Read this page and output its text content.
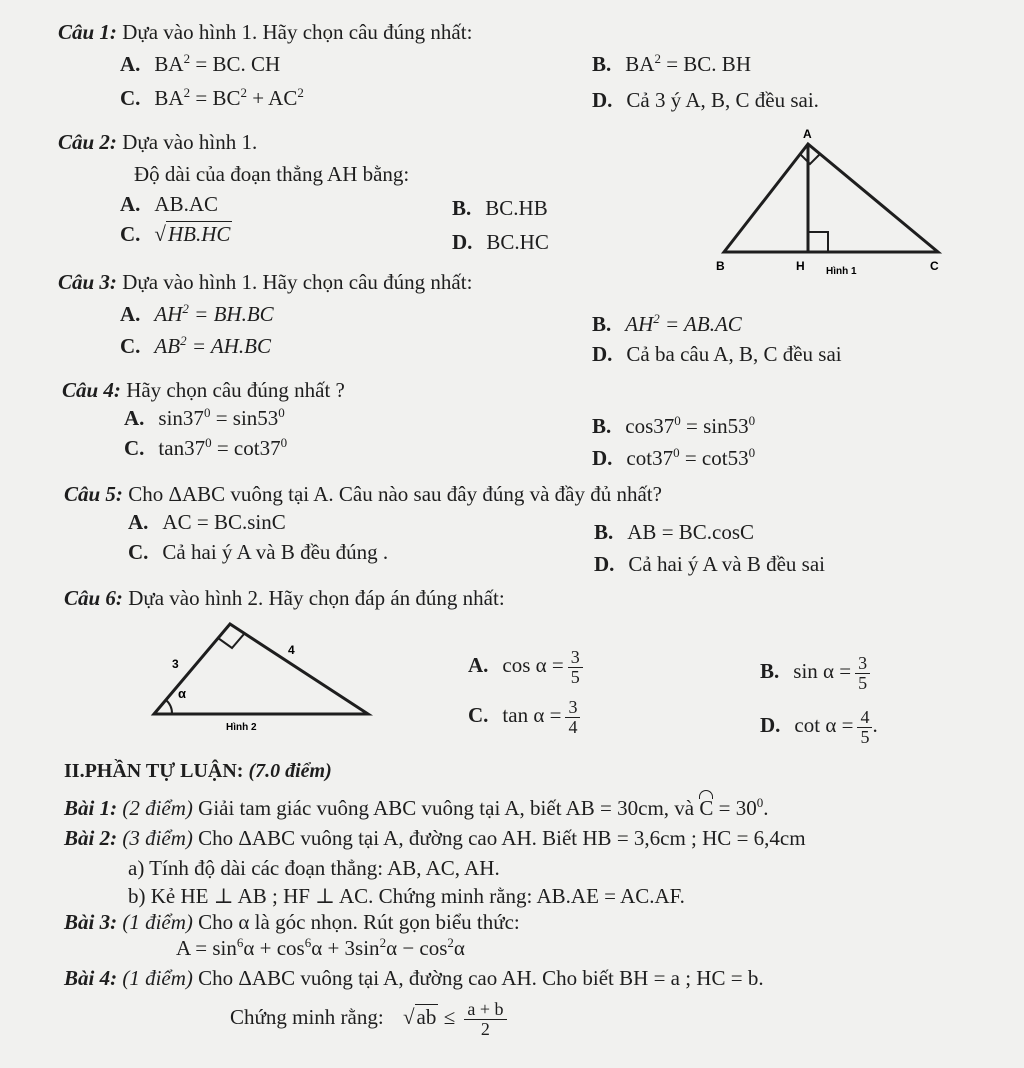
Câu 1: Dựa vào hình 1. Hãy chọn câu đúng nhất:
A. $BA^2$ = BC. CH	B. $BA^2$ = BC. BH
C. $BA^2 = BC^2 + AC^2$	D. Cả 3 ý A, B, C đều sai.
Câu 2: Dựa vào hình 1.
Độ dài của đoạn thẳng AH bằng:
A. AB.AC	B. BC.HB
C. √HB.HC	D. BC.HC
A
B	H	C
Hình 1
Câu 3: Dựa vào hình 1. Hãy chọn câu đúng nhất:
A. $AH^2 = BH.BC$	B. $AH^2 = AB.AC$
C. $AB^2 = AH.BC$	D. Cả ba câu A, B, C đều sai
Câu 4: Hãy chọn câu đúng nhất ?
A. $\sin 37^0 = \sin 53^0$
B. $\cos 37^0 = \sin 53^0$
C. $\tan 37^0 = \cot 37^0$
D. $\cot 37^0 = \cot 53^0$
Câu 5: Cho ΔABC vuông tại A. Câu nào sau đây đúng và đầy đủ nhất?
A. AC = BC.sinC	B. AB = BC.cosC
C. Cả hai ý A và B đều đúng .	D. Cả hai ý A và B đều sai
Câu 6: Dựa vào hình 2. Hãy chọn đáp án đúng nhất:
3
4
α
Hình 2
A. $\cos \alpha = \frac{3}{5}$	B. $\sin \alpha = \frac{3}{5}$
C. $\tan \alpha = \frac{3}{4}$	D. $\cot \alpha = \frac{4}{5}$ .
II.PHẦN TỰ LUẬN: (7.0 điểm)
Bài 1: (2 điểm) Giải tam giác vuông ABC vuông tại A, biết AB = 30cm, và $C = 30^0$.
Bài 2: (3 điểm) Cho ΔABC vuông tại A, đường cao AH. Biết HB = 3,6cm ; HC = 6,4cm
a) Tính độ dài các đoạn thẳng: AB, AC, AH.
b) Kẻ HE ⊥ AB ; HF ⊥ AC. Chứng minh rằng: AB.AE = AC.AF.
Bài 3: (1 điểm) Cho α là góc nhọn. Rút gọn biểu thức:
$A = \sin^6\alpha + \cos^6\alpha + 3\sin^2\alpha - \cos^2\alpha$
Bài 4: (1 điểm) Cho ΔABC vuông tại A, đường cao AH. Cho biết BH = a ; HC = b.
Chứng minh rằng: $√ab \le \frac{a + b}{2}$
